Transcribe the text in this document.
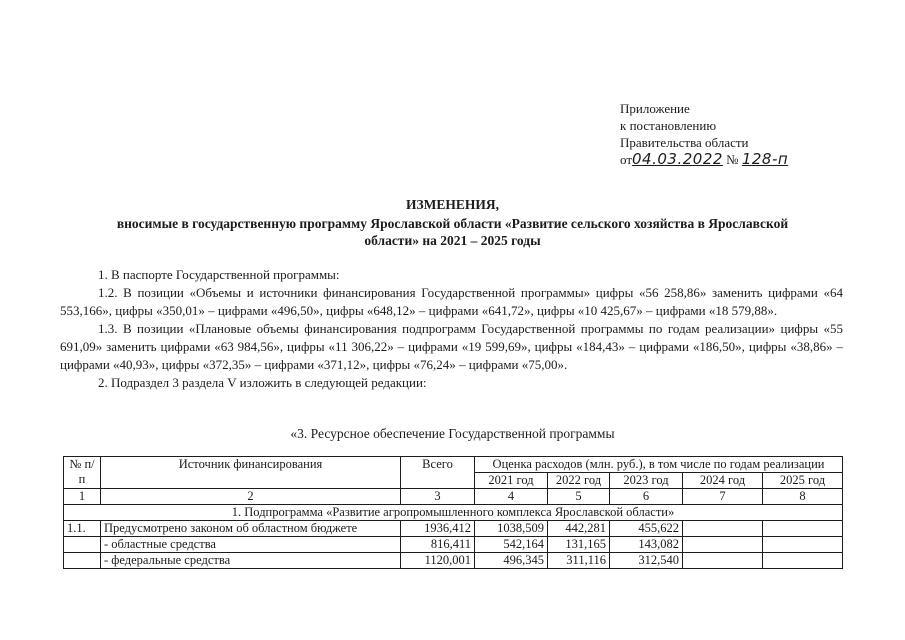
Приложение
к постановлению
Правительства области
от04.03.2022 № 128-п
ИЗМЕНЕНИЯ,
вносимые в государственную программу Ярославской области «Развитие сельского хозяйства в Ярославской
области» на 2021 – 2025 годы
1. В паспорте Государственной программы:
1.2. В позиции «Объемы и источники финансирования Государственной программы» цифры «56 258,86» заменить цифрами «64 553,166», цифры «350,01» – цифрами «496,50», цифры «648,12» – цифрами «641,72», цифры «10 425,67» – цифрами «18 579,88».
1.3. В позиции «Плановые объемы финансирования подпрограмм Государственной программы по годам реализации» цифры «55 691,09» заменить цифрами «63 984,56», цифры «11 306,22» – цифрами «19 599,69», цифры «184,43» – цифрами «186,50», цифры «38,86» – цифрами «40,93», цифры «372,35» – цифрами «371,12», цифры «76,24» – цифрами «75,00».
2. Подраздел 3 раздела V изложить в следующей редакции:
«3. Ресурсное обеспечение Государственной программы
№ п/п	Источник финансирования	Всего	Оценка расходов (млн. руб.), в том числе по годам реализации				
			2021 год	2022 год	2023 год	2024 год	2025 год
1	2	3	4	5	6	7	8
1. Подпрограмма «Развитие агропромышленного комплекса Ярославской области»							
1.1.	Предусмотрено законом об областном бюджете	1936,412	1038,509	442,281	455,622		
	- областные средства	816,411	542,164	131,165	143,082		
	- федеральные средства	1120,001	496,345	311,116	312,540		
